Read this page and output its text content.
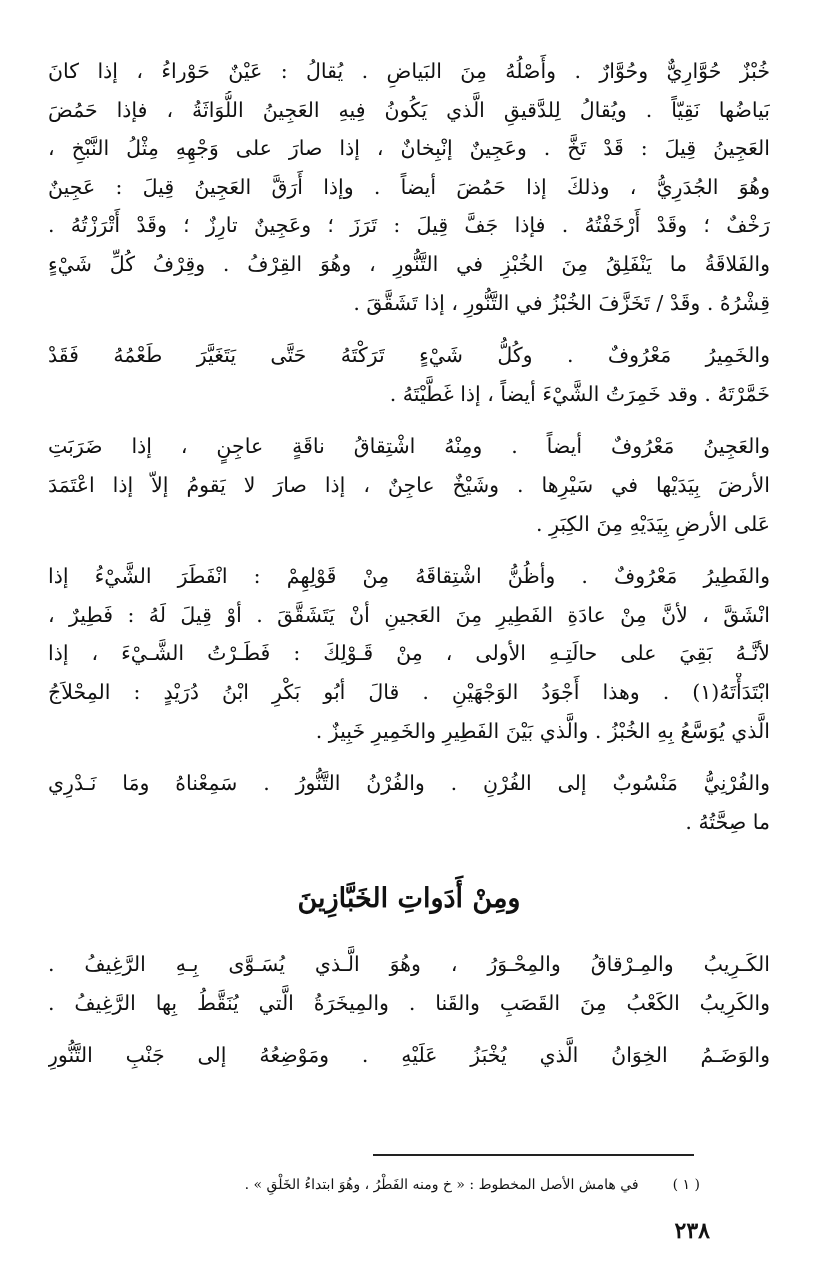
خُبْزٌ حُوَّارِيٌّ وحُوَّارٌ . وأَصْلُهُ مِنَ البَياضِ . يُقالُ : عَيْنٌ حَوْراءُ ، إذا كانَ
بَياضُها نَقِيّاً . ويُقالُ لِلدَّقيقِ الَّذي يَكُونُ فِيهِ العَجِينُ اللُّوَاثَةُ ، فإذا حَمُضَ
العَجِينُ قِيلَ : قَدْ تَخَّ . وعَجِينٌ إنْبِخانٌ ، إذا صارَ على وَجْهِهِ مِثْلُ النَّبْخِ ،
وهُوَ الجُدَرِيُّ ، وذلكَ إذا حَمُضَ أيضاً . وإذا أَرَقَّ العَجِينُ قِيلَ : عَجِينٌ
رَخْفٌ ؛ وقَدْ أَرْخَفْتُهُ . فإذا جَفَّ قِيلَ : تَرَزَ ؛ وعَجِينٌ تارِزٌ ؛ وقَدْ أَتْرَزْتُهُ .
والفَلاقَةُ ما يَنْفَلِقُ مِنَ الخُبْزِ في التَّنُّورِ ، وهُوَ القِرْفُ . وقِرْفُ كُلِّ شَيْءٍ
قِشْرُهُ . وقَدْ / تَخَزَّفَ الخُبْزُ في التَّنُّورِ ، إذا تَشَقَّقَ .
والخَمِيرُ مَعْرُوفٌ . وكُلُّ شَيْءٍ تَرَكْتَهُ حَتَّى يَتَغَيَّرَ طَعْمُهُ فَقَدْ
خَمَّرْتَهُ . وقد خَمِرَتُ الشَّيْءَ أيضاً ، إذا غَطَّيْتَهُ .
والعَجِينُ مَعْرُوفٌ أيضاً . ومِنْهُ اشْتِقاقُ ناقَةٍ عاجِنٍ ، إذا ضَرَبَتِ
الأرضَ بِيَدَيْها في سَيْرِها . وشَيْخٌ عاجِنٌ ، إذا صارَ لا يَقومُ إلاّ إذا اعْتَمَدَ
عَلى الأرضِ بِيَدَيْهِ مِنَ الكِبَرِ .
والفَطِيرُ مَعْرُوفٌ . وأظُنُّ اشْتِقاقَهُ مِنْ قَوْلِهِمْ : انْفَطَرَ الشَّيْءُ إذا
انْشَقَّ ، لأنَّ مِنْ عادَةِ الفَطِيرِ مِنَ العَجينِ أنْ يَتَشَقَّقَ . أوْ قِيلَ لَهُ : فَطِيرٌ ،
لأنَّـهُ بَقِيَ على حالَتِـهِ الأولى ، مِنْ قَـوْلِكَ : فَطَـرْتُ الشَّـيْءَ ، إذا
ابْتَدَأْتَهُ(١) . وهذا أَجْوَدُ الوَجْهَيْنِ . قالَ أبُو بَكْرِ ابْنُ دُرَيْدٍ : المِحْلاَجُ
الَّذي يُوَسَّعُ بِهِ الخُبْزُ . والَّذي بَيْنَ الفَطِيرِ والخَمِيرِ خَبِيزٌ .
والفُرْنِيُّ مَنْسُوبٌ إلى الفُرْنِ . والفُرْنُ التَّنُّورُ . سَمِعْناهُ ومَا نَـدْرِي
ما صِحَّتُهُ .
ومِنْ أَدَواتِ الخَبَّازِينَ
الكَـرِيبُ والمِـرْقاقُ والمِحْـوَرُ ، وهُوَ الَّـذي يُسَـوَّى بِـهِ الرَّغِيفُ .
والكَرِيبُ الكَعْبُ مِنَ القَصَبِ والقَنا . والمِيخَرَةُ الَّتي يُنَقَّطُ بِها الرَّغِيفُ .
والوَضَـمُ الخِوَانُ الَّذي يُخْبَزُ عَلَيْهِ . ومَوْضِعُهُ إلى جَنْبِ التَّنُّورِ
( ١ )في هامش الأصل المخطوط : « خ ومنه الفَطْرُ ، وهُوَ ابتداءُ الخَلْقِ » .
٢٣٨
